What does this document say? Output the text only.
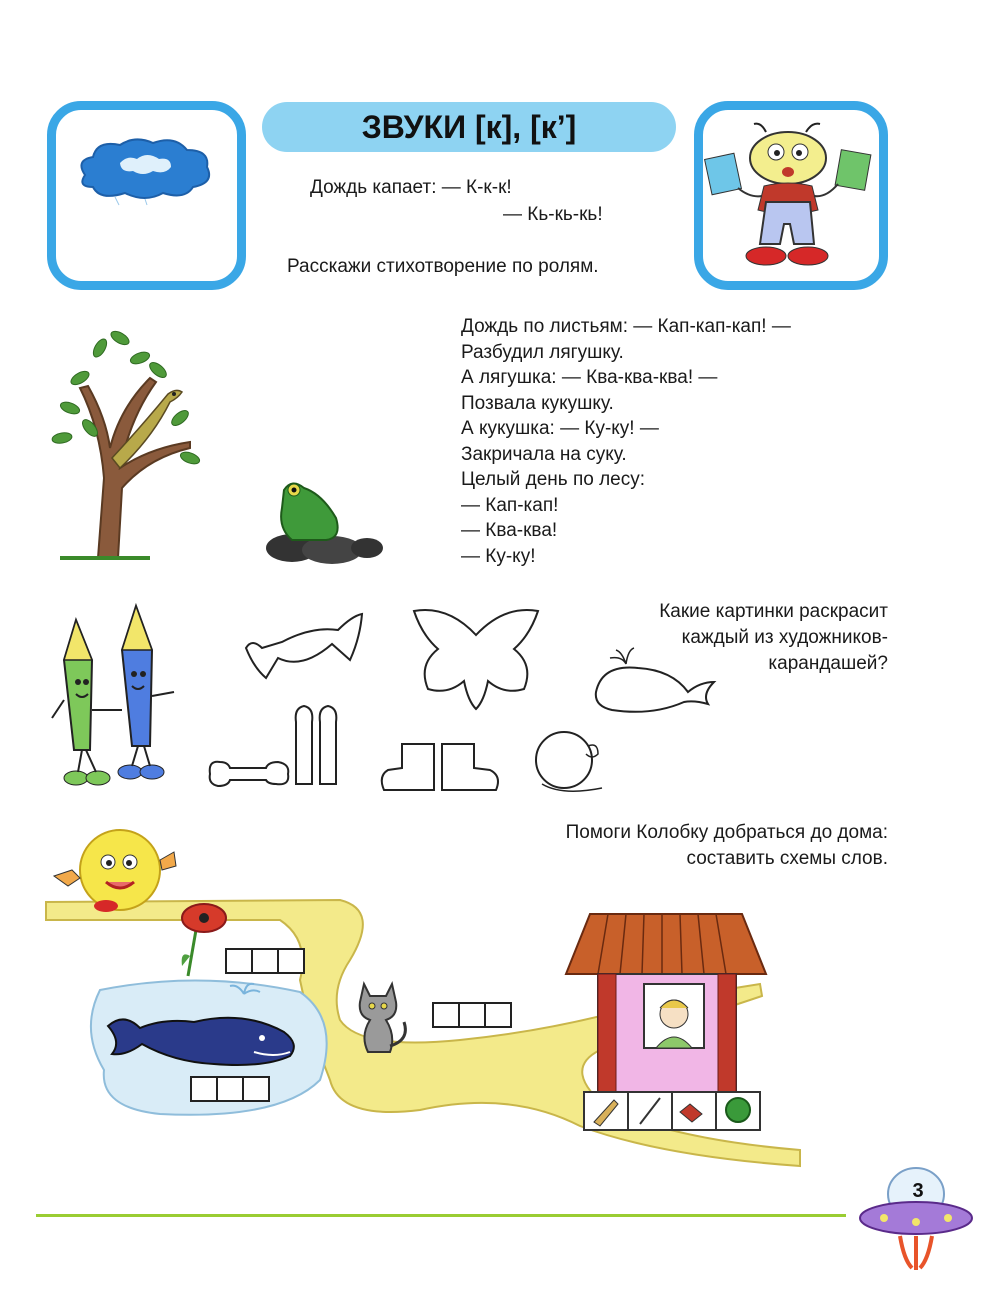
ЗВУКИ [к], [к’]
Дождь капает: — К-к-к!
— Кь-кь-кь!
Расскажи стихотворение по ролям.
Дождь по листьям: — Кап-кап-кап! —
Разбудил лягушку.
А лягушка: — Ква-ква-ква! —
Позвала кукушку.
А кукушка: — Ку-ку! —
Закричала на суку.
Целый день по лесу:
— Кап-кап!
— Ква-ква!
— Ку-ку!
Какие картинки раскрасит
каждый из художников-
карандашей?
Помоги Колобку добраться до дома:
составить схемы слов.
3
